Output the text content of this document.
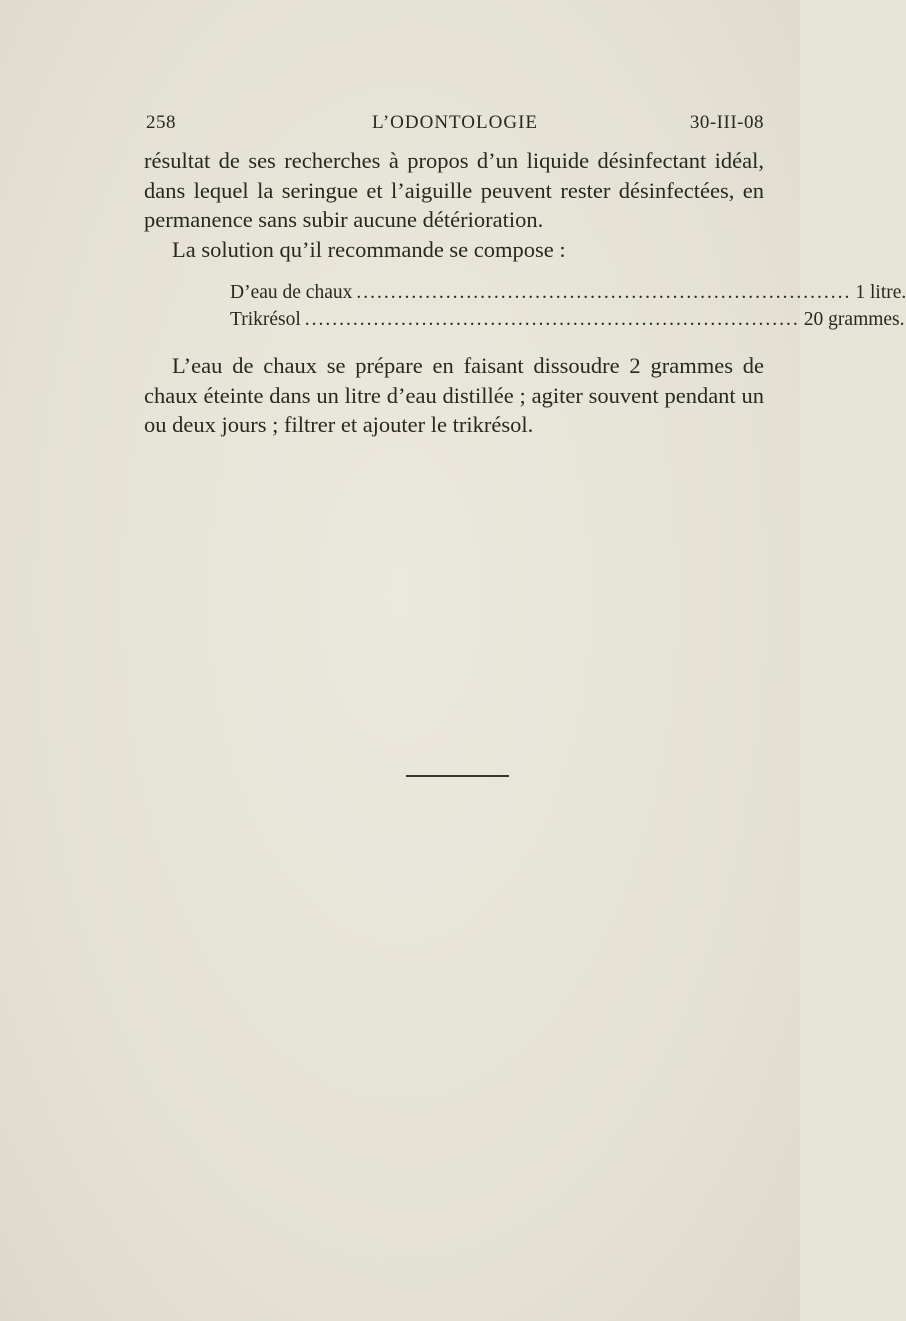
258	L’ODONTOLOGIE	30-III-08

résultat de ses recherches à propos d’un liquide désinfectant idéal, dans lequel la seringue et l’aiguille peuvent rester désinfectées, en permanence sans subir aucune détérioration.

La solution qu’il recommande se compose :

D’eau de chaux ........................................................................ 1 litre.
Trikrésol ........................................................................ 20 grammes.

L’eau de chaux se prépare en faisant dissoudre 2 grammes de chaux éteinte dans un litre d’eau distillée ; agiter souvent pendant un ou deux jours ; filtrer et ajouter le trikrésol.
